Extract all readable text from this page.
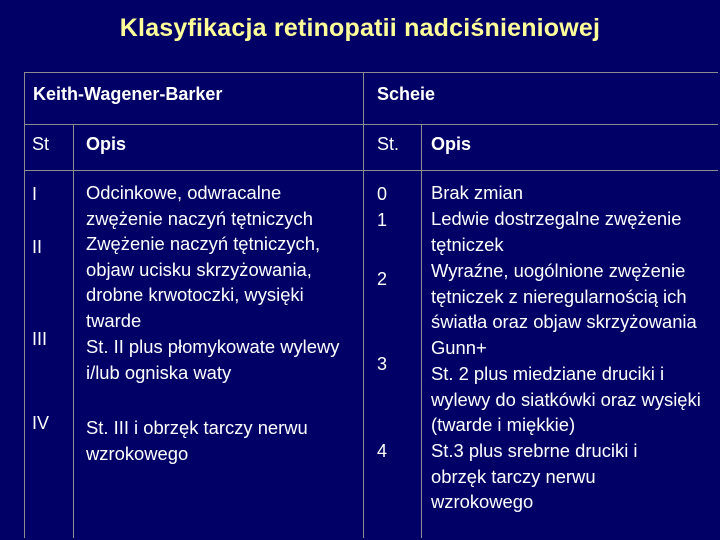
Klasyfikacja retinopatii nadciśnieniowej
Keith-Wagener-Barker	Scheie
St Opis	St. Opis
I
II
III
IV
Odcinkowe, odwracalne zwężenie naczyń tętniczych
Zwężenie naczyń tętniczych, objaw ucisku skrzyżowania, drobne krwotoczki, wysięki twarde
St. II plus płomykowate wylewy i/lub ogniska waty
St. III i obrzęk tarczy nerwu wzrokowego
0
1
2
3
4
Brak zmian
Ledwie dostrzegalne zwężenie tętniczek
Wyraźne, uogólnione zwężenie tętniczek z nieregularnością ich światła oraz objaw skrzyżowania Gunn+
St. 2 plus miedziane druciki i wylewy do siatkówki oraz wysięki (twarde i miękkie)
St.3 plus srebrne druciki i obrzęk tarczy nerwu wzrokowego
